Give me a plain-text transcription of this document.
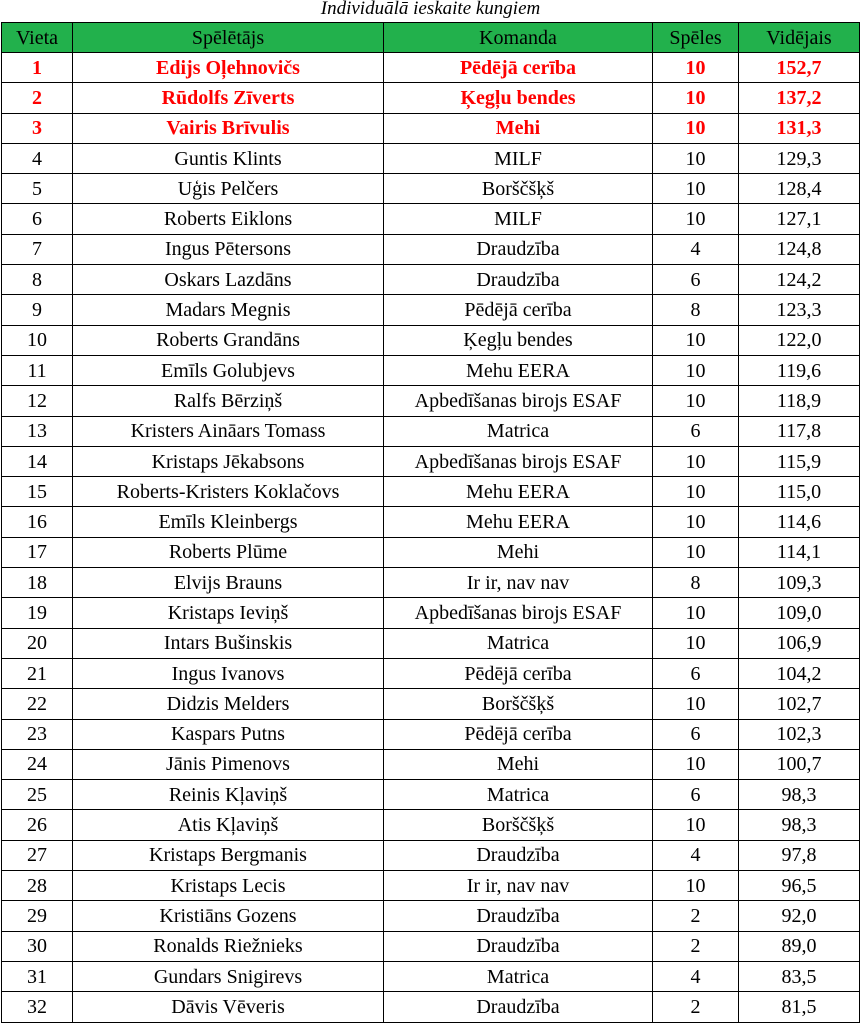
Individuālā ieskaite kungiem
Vieta	Spēlētājs	Komanda	Spēles	Vidējais
1	Edijs Oļehnovičs	Pēdējā cerība	10	152,7
2	Rūdolfs Zīverts	Ķegļu bendes	10	137,2
3	Vairis Brīvulis	Mehi	10	131,3
4	Guntis Klints	MILF	10	129,3
5	Uģis Pelčers	Borščšķš	10	128,4
6	Roberts Eiklons	MILF	10	127,1
7	Ingus Pētersons	Draudzība	4	124,8
8	Oskars Lazdāns	Draudzība	6	124,2
9	Madars Megnis	Pēdējā cerība	8	123,3
10	Roberts Grandāns	Ķegļu bendes	10	122,0
11	Emīls Golubjevs	Mehu EERA	10	119,6
12	Ralfs Bērziņš	Apbedīšanas birojs ESAF	10	118,9
13	Kristers Aināars Tomass	Matrica	6	117,8
14	Kristaps Jēkabsons	Apbedīšanas birojs ESAF	10	115,9
15	Roberts-Kristers Koklačovs	Mehu EERA	10	115,0
16	Emīls Kleinbergs	Mehu EERA	10	114,6
17	Roberts Plūme	Mehi	10	114,1
18	Elvijs Brauns	Ir ir, nav nav	8	109,3
19	Kristaps Ieviņš	Apbedīšanas birojs ESAF	10	109,0
20	Intars Bušinskis	Matrica	10	106,9
21	Ingus Ivanovs	Pēdējā cerība	6	104,2
22	Didzis Melders	Borščšķš	10	102,7
23	Kaspars Putns	Pēdējā cerība	6	102,3
24	Jānis Pimenovs	Mehi	10	100,7
25	Reinis Kļaviņš	Matrica	6	98,3
26	Atis Kļaviņš	Borščšķš	10	98,3
27	Kristaps Bergmanis	Draudzība	4	97,8
28	Kristaps Lecis	Ir ir, nav nav	10	96,5
29	Kristiāns Gozens	Draudzība	2	92,0
30	Ronalds Riežnieks	Draudzība	2	89,0
31	Gundars Snigirevs	Matrica	4	83,5
32	Dāvis Vēveris	Draudzība	2	81,5
